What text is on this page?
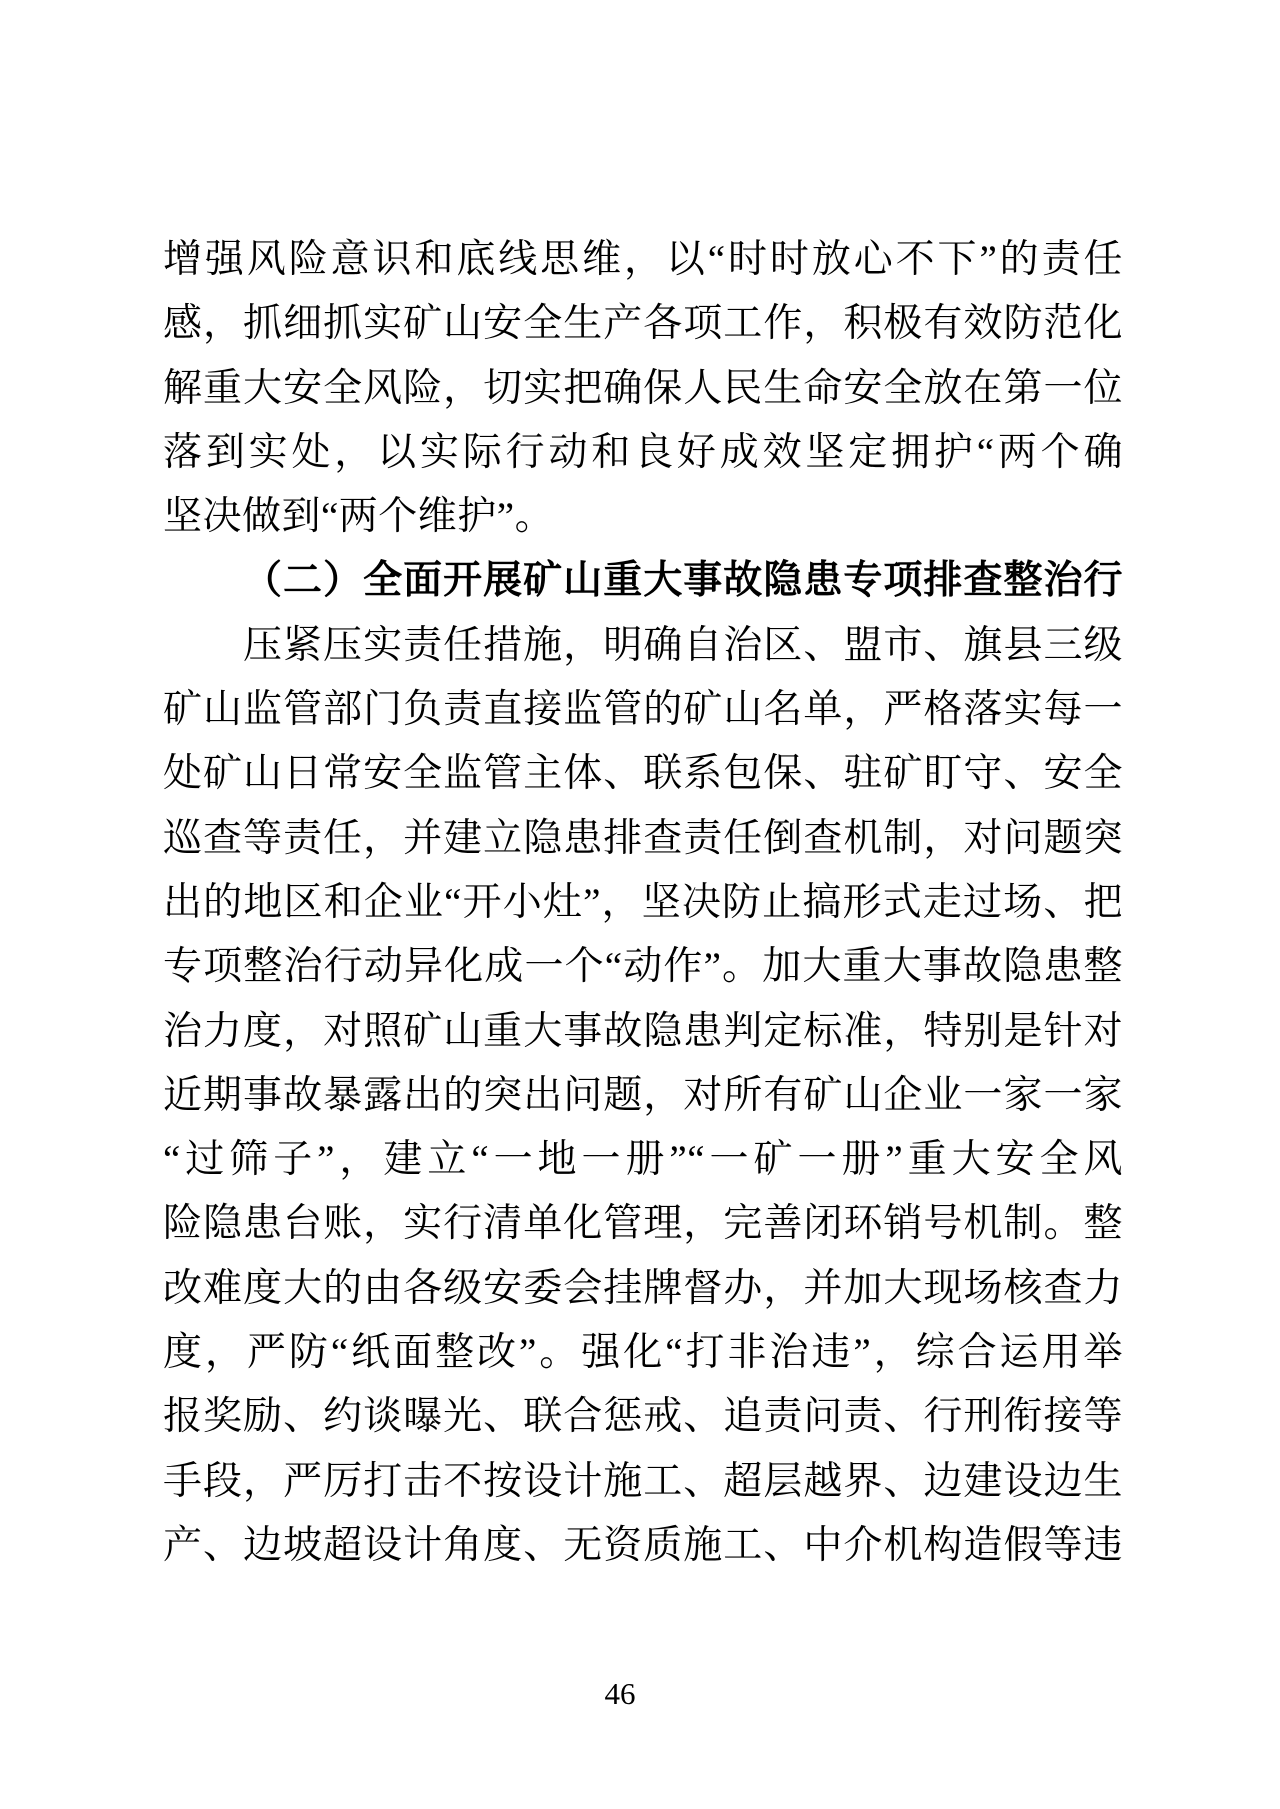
增强风险意识和底线思维，以“时时放心不下”的责任
感，抓细抓实矿山安全生产各项工作，积极有效防范化
解重大安全风险，切实把确保人民生命安全放在第一位
落到实处，以实际行动和良好成效坚定拥护“两个确
坚决做到“两个维护”。
（二）全面开展矿山重大事故隐患专项排查整治行
压紧压实责任措施，明确自治区、盟市、旗县三级
矿山监管部门负责直接监管的矿山名单，严格落实每一
处矿山日常安全监管主体、联系包保、驻矿盯守、安全
巡查等责任，并建立隐患排查责任倒查机制，对问题突
出的地区和企业“开小灶”，坚决防止搞形式走过场、把
专项整治行动异化成一个“动作”。加大重大事故隐患整
治力度，对照矿山重大事故隐患判定标准，特别是针对
近期事故暴露出的突出问题，对所有矿山企业一家一家
“过筛子”，建立“一地一册”“一矿一册”重大安全风
险隐患台账，实行清单化管理，完善闭环销号机制。整
改难度大的由各级安委会挂牌督办，并加大现场核查力
度，严防“纸面整改”。强化“打非治违”，综合运用举
报奖励、约谈曝光、联合惩戒、追责问责、行刑衔接等
手段，严厉打击不按设计施工、超层越界、边建设边生
产、边坡超设计角度、无资质施工、中介机构造假等违
46
